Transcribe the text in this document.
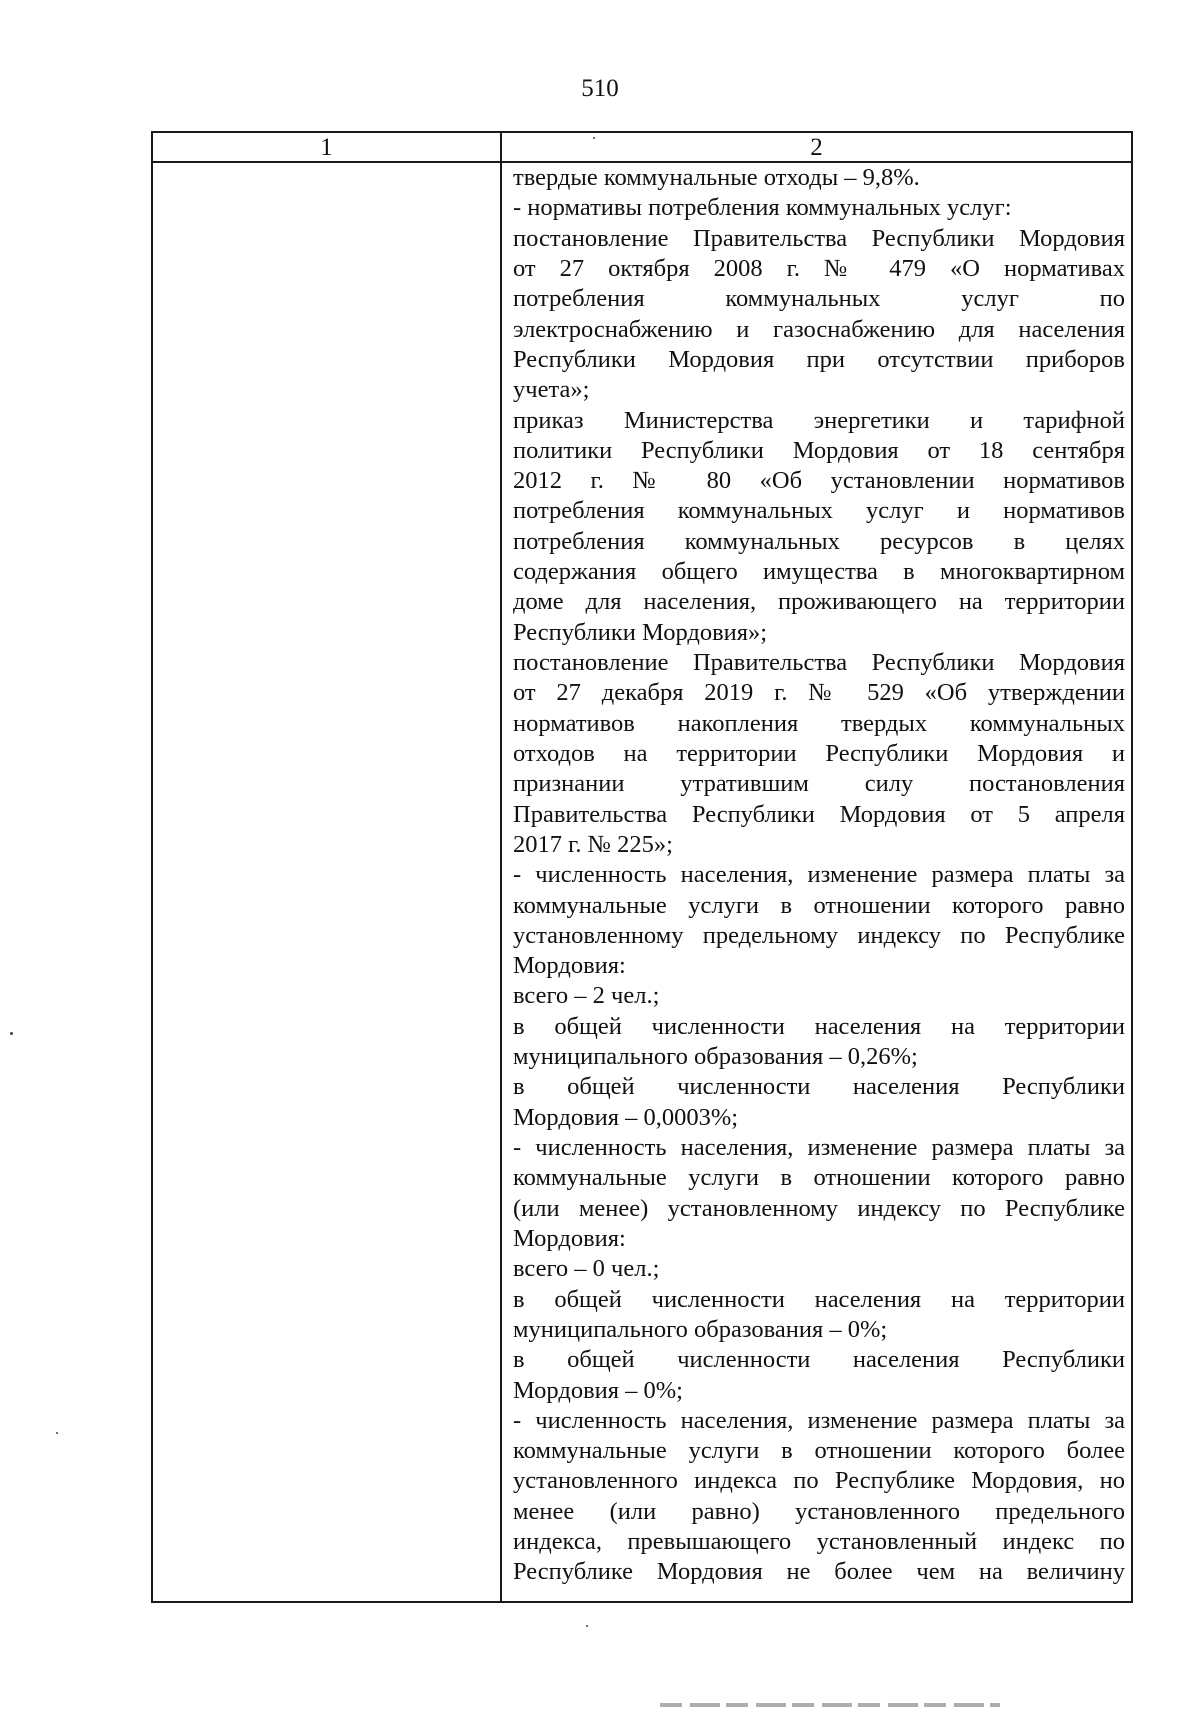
510
1	2
твердые коммунальные отходы – 9,8%.
- нормативы потребления коммунальных услуг:
постановление Правительства Республики Мордовия
от 27 октября 2008 г. № 479 «О нормативах
потребления коммунальных услуг по
электроснабжению и газоснабжению для населения
Республики Мордовия при отсутствии приборов
учета»;
приказ Министерства энергетики и тарифной
политики Республики Мордовия от 18 сентября
2012 г. № 80 «Об установлении нормативов
потребления коммунальных услуг и нормативов
потребления коммунальных ресурсов в целях
содержания общего имущества в многоквартирном
доме для населения, проживающего на территории
Республики Мордовия»;
постановление Правительства Республики Мордовия
от 27 декабря 2019 г. № 529 «Об утверждении
нормативов накопления твердых коммунальных
отходов на территории Республики Мордовия и
признании утратившим силу постановления
Правительства Республики Мордовия от 5 апреля
2017 г. № 225»;
- численность населения, изменение размера платы за
коммунальные услуги в отношении которого равно
установленному предельному индексу по Республике
Мордовия:
всего – 2 чел.;
в общей численности населения на территории
муниципального образования – 0,26%;
в общей численности населения Республики
Мордовия – 0,0003%;
- численность населения, изменение размера платы за
коммунальные услуги в отношении которого равно
(или менее) установленному индексу по Республике
Мордовия:
всего – 0 чел.;
в общей численности населения на территории
муниципального образования – 0%;
в общей численности населения Республики
Мордовия – 0%;
- численность населения, изменение размера платы за
коммунальные услуги в отношении которого более
установленного индекса по Республике Мордовия, но
менее (или равно) установленного предельного
индекса, превышающего установленный индекс по
Республике Мордовия не более чем на величину
